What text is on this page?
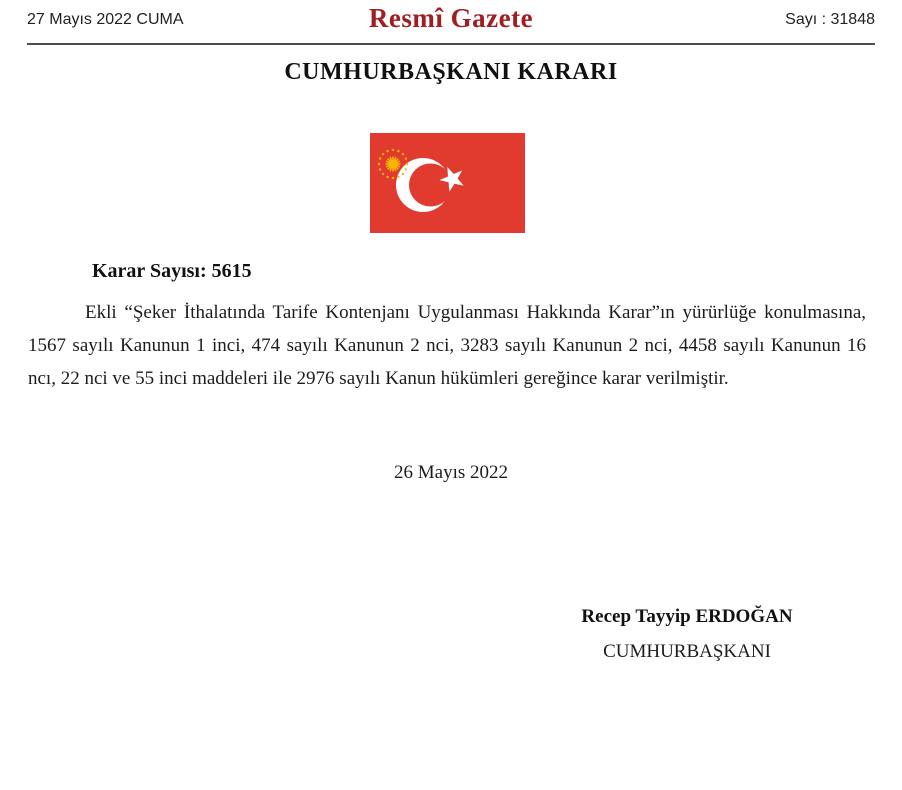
27 Mayıs 2022 CUMA	Resmî Gazete	Sayı : 31848
CUMHURBAŞKANI KARARI
Karar Sayısı: 5615
Ekli “Şeker İthalatında Tarife Kontenjanı Uygulanması Hakkında Karar”ın yürürlüğe konulmasına, 1567 sayılı Kanunun 1 inci, 474 sayılı Kanunun 2 nci, 3283 sayılı Kanunun 2 nci, 4458 sayılı Kanunun 16 ncı, 22 nci ve 55 inci maddeleri ile 2976 sayılı Kanun hükümleri gereğince karar verilmiştir.
26 Mayıs 2022
Recep Tayyip ERDOĞAN
CUMHURBAŞKANI
